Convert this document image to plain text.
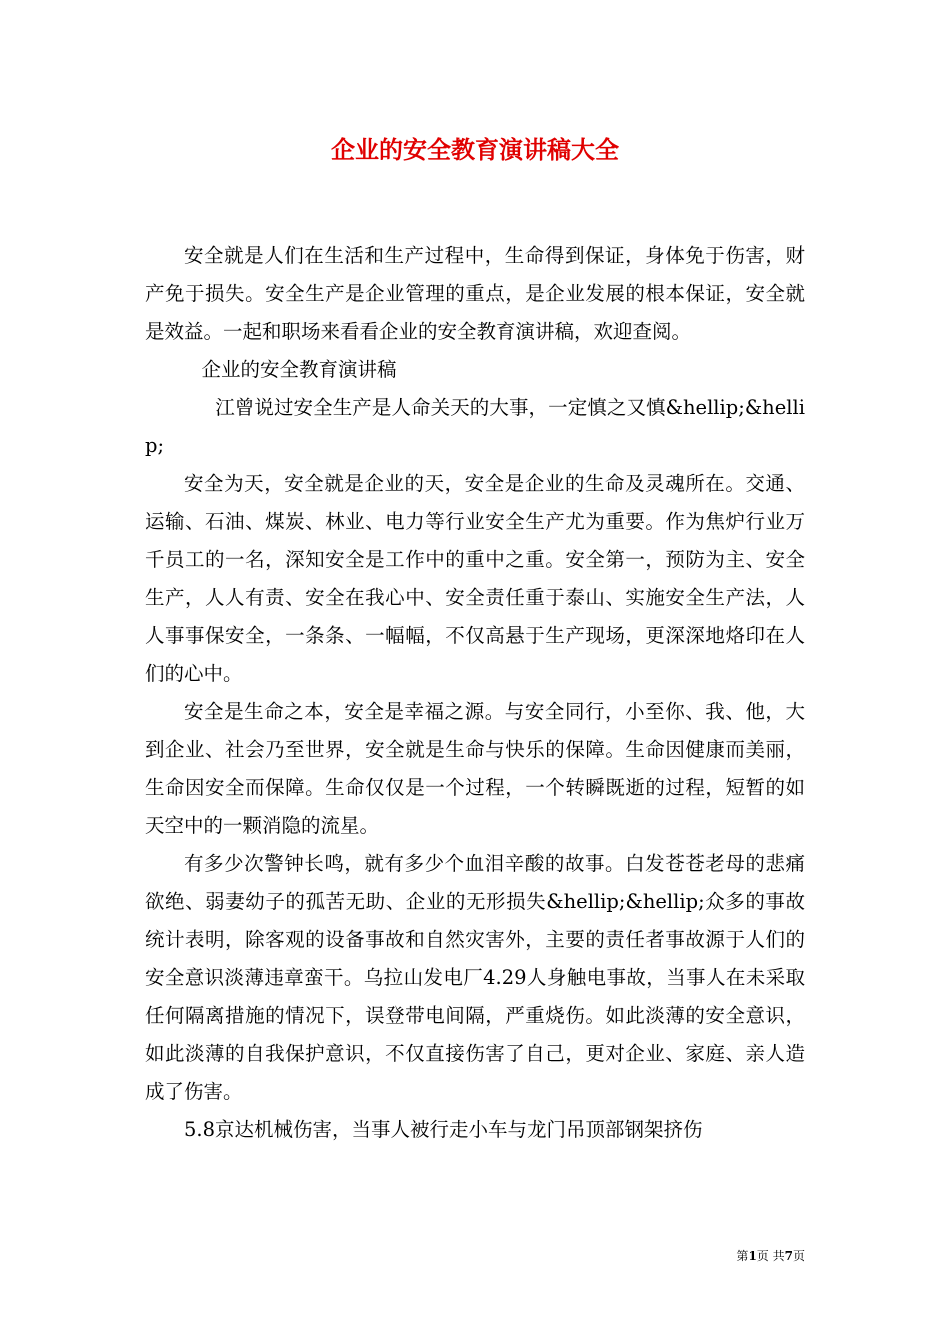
企业的安全教育演讲稿大全

安全就是人们在生活和生产过程中，生命得到保证，身体免于伤害，财产免于损失。安全生产是企业管理的重点，是企业发展的根本保证，安全就是效益。一起和职场来看看企业的安全教育演讲稿，欢迎查阅。

企业的安全教育演讲稿

江曾说过安全生产是人命关天的大事，一定慎之又慎&hellip;&hellip;

安全为天，安全就是企业的天，安全是企业的生命及灵魂所在。交通、运输、石油、煤炭、林业、电力等行业安全生产尤为重要。作为焦炉行业万千员工的一名，深知安全是工作中的重中之重。安全第一，预防为主、安全生产，人人有责、安全在我心中、安全责任重于泰山、实施安全生产法，人人事事保安全，一条条、一幅幅，不仅高悬于生产现场，更深深地烙印在人们的心中。

安全是生命之本，安全是幸福之源。与安全同行，小至你、我、他，大到企业、社会乃至世界，安全就是生命与快乐的保障。生命因健康而美丽，生命因安全而保障。生命仅仅是一个过程，一个转瞬既逝的过程，短暂的如天空中的一颗消隐的流星。

有多少次警钟长鸣，就有多少个血泪辛酸的故事。白发苍苍老母的悲痛欲绝、弱妻幼子的孤苦无助、企业的无形损失&hellip;&hellip;众多的事故统计表明，除客观的设备事故和自然灾害外，主要的责任者事故源于人们的安全意识淡薄违章蛮干。乌拉山发电厂4.29人身触电事故，当事人在未采取任何隔离措施的情况下，误登带电间隔，严重烧伤。如此淡薄的安全意识，如此淡薄的自我保护意识，不仅直接伤害了自己，更对企业、家庭、亲人造成了伤害。

5.8京达机械伤害，当事人被行走小车与龙门吊顶部钢架挤伤

第1页 共7页
